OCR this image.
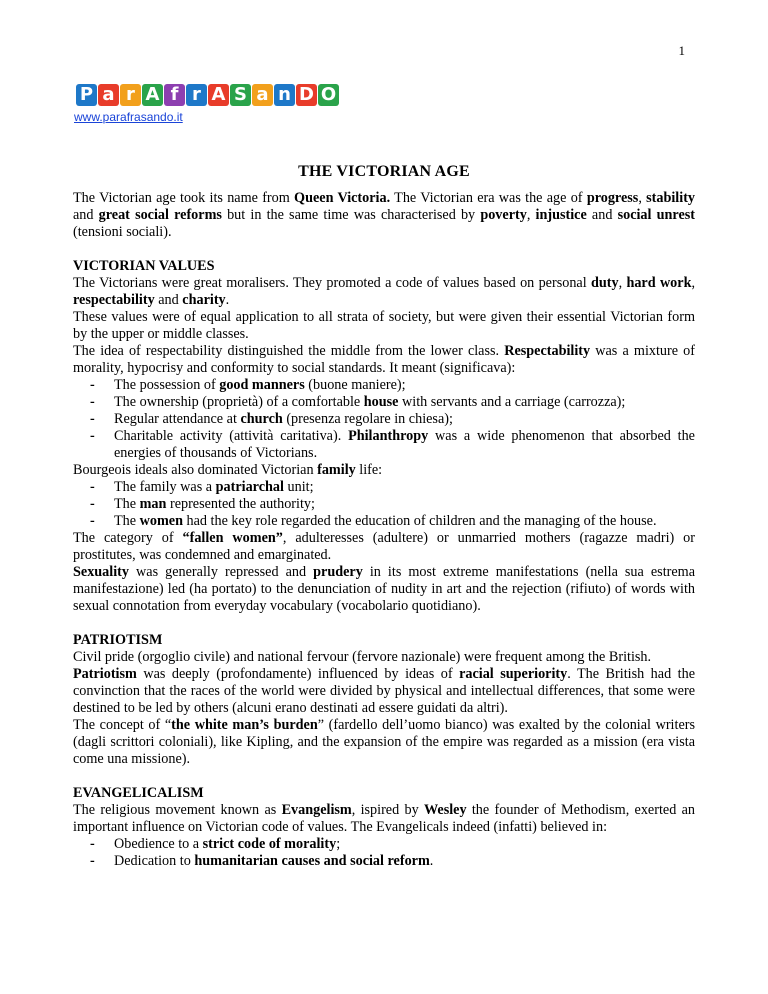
1
P a r A f r A S a n D O
www.parafrasando.it
THE VICTORIAN AGE

The Victorian age took its name from Queen Victoria. The Victorian era was the age of progress, stability and great social reforms but in the same time was characterised by poverty, injustice and social unrest (tensioni sociali).

VICTORIAN VALUES

The Victorians were great moralisers. They promoted a code of values based on personal duty, hard work, respectability and charity.

These values were of equal application to all strata of society, but were given their essential Victorian form by the upper or middle classes.

The idea of respectability distinguished the middle from the lower class. Respectability was a mixture of morality, hypocrisy and conformity to social standards. It meant (significava):

- The possession of good manners (buone maniere);
- The ownership (proprietà) of a comfortable house with servants and a carriage (carrozza);
- Regular attendance at church (presenza regolare in chiesa);
- Charitable activity (attività caritativa). Philanthropy was a wide phenomenon that absorbed the energies of thousands of Victorians.

Bourgeois ideals also dominated Victorian family life:

- The family was a patriarchal unit;
- The man represented the authority;
- The women had the key role regarded the education of children and the managing of the house.

The category of “fallen women”, adulteresses (adultere) or unmarried mothers (ragazze madri) or prostitutes, was condemned and emarginated.

Sexuality was generally repressed and prudery in its most extreme manifestations (nella sua estrema manifestazione) led (ha portato) to the denunciation of nudity in art and the rejection (rifiuto) of words with sexual connotation from everyday vocabulary (vocabolario quotidiano).

PATRIOTISM

Civil pride (orgoglio civile) and national fervour (fervore nazionale) were frequent among the British.

Patriotism was deeply (profondamente) influenced by ideas of racial superiority. The British had the convinction that the races of the world were divided by physical and intellectual differences, that some were destined to be led by others (alcuni erano destinati ad essere guidati da altri).

The concept of “the white man’s burden” (fardello dell’uomo bianco) was exalted by the colonial writers (dagli scrittori coloniali), like Kipling, and the expansion of the empire was regarded as a mission (era vista come una missione).

EVANGELICALISM

The religious movement known as Evangelism, ispired by Wesley the founder of Methodism, exerted an important influence on Victorian code of values. The Evangelicals indeed (infatti) believed in:

- Obedience to a strict code of morality;
- Dedication to humanitarian causes and social reform.
